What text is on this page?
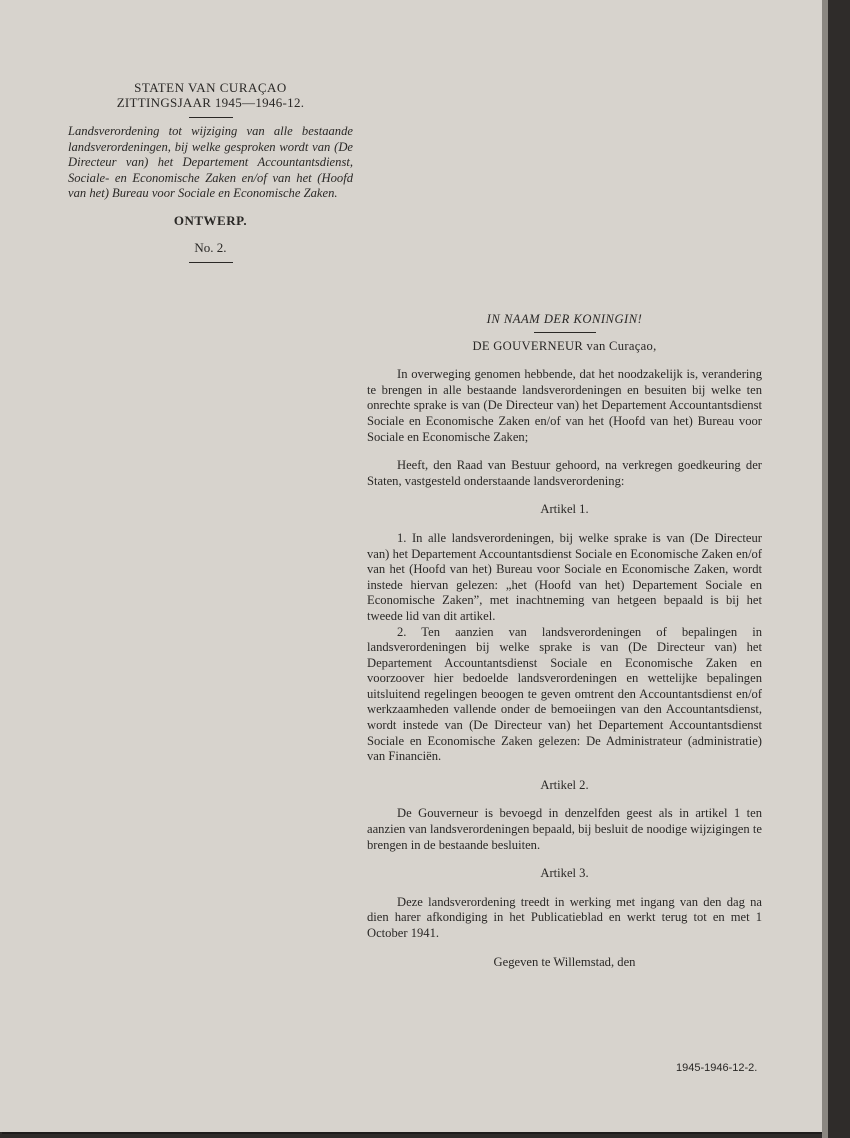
STATEN VAN CURAÇAO
ZITTINGSJAAR 1945—1946-12.
Landsverordening tot wijziging van alle bestaande landsverordeningen, bij welke gesproken wordt van (De Directeur van) het Departement Accountantsdienst, Sociale- en Economische Zaken en/of van het (Hoofd van het) Bureau voor Sociale en Economische Zaken.
ONTWERP.
No. 2.
IN NAAM DER KONINGIN!
DE GOUVERNEUR van Curaçao,

In overweging genomen hebbende, dat het noodzakelijk is, verandering te brengen in alle bestaande landsverordeningen en besuiten bij welke ten onrechte sprake is van (De Directeur van) het Departement Accountantsdienst Sociale en Economische Zaken en/of van het (Hoofd van het) Bureau voor Sociale en Economische Zaken;

Heeft, den Raad van Bestuur gehoord, na verkregen goedkeuring der Staten, vastgesteld onderstaande landsverordening:

Artikel 1.

1. In alle landsverordeningen, bij welke sprake is van (De Directeur van) het Departement Accountantsdienst Sociale en Economische Zaken en/of van het (Hoofd van het) Bureau voor Sociale en Economische Zaken, wordt instede hiervan gelezen: „het (Hoofd van het) Departement Sociale en Economische Zaken”, met inachtneming van hetgeen bepaald is bij het tweede lid van dit artikel.

2. Ten aanzien van landsverordeningen of bepalingen in landsverordeningen bij welke sprake is van (De Directeur van) het Departement Accountantsdienst Sociale en Economische Zaken en voorzoover hier bedoelde landsverordeningen en wettelijke bepalingen uitsluitend regelingen beoogen te geven omtrent den Accountantsdienst en/of werkzaamheden vallende onder de bemoeiingen van den Accountantsdienst, wordt instede van (De Directeur van) het Departement Accountantsdienst Sociale en Economische Zaken gelezen: De Administrateur (administratie) van Financiën.

Artikel 2.

De Gouverneur is bevoegd in denzelfden geest als in artikel 1 ten aanzien van landsverordeningen bepaald, bij besluit de noodige wijzigingen te brengen in de bestaande besluiten.

Artikel 3.

Deze landsverordening treedt in werking met ingang van den dag na dien harer afkondiging in het Publicatieblad en werkt terug tot en met 1 October 1941.

Gegeven te Willemstad, den
1945-1946-12-2.
